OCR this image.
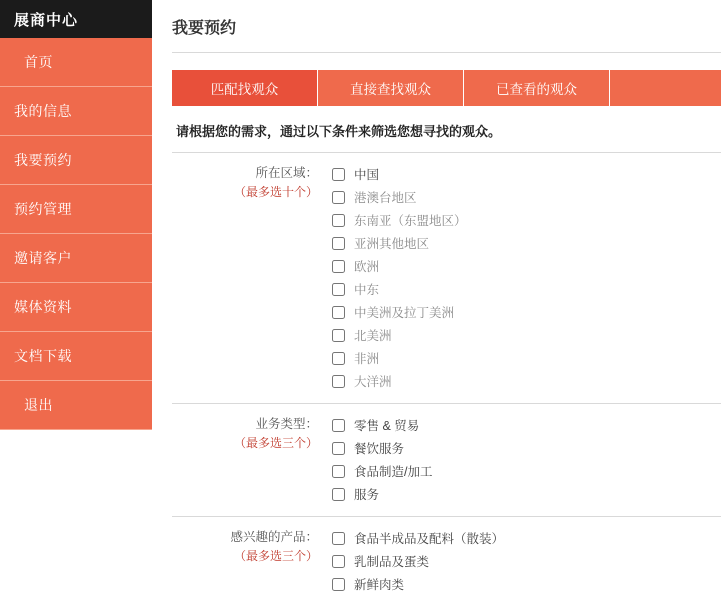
展商中心
首页
我的信息
我要预约
预约管理
邀请客户
媒体资料
文档下载
退出
我要预约
匹配找观众	直接查找观众	已查看的观众
请根据您的需求，通过以下条件来筛选您想寻找的观众。
所在区域：
（最多选十个）
中国
港澳台地区
东南亚（东盟地区）
亚洲其他地区
欧洲
中东
中美洲及拉丁美洲
北美洲
非洲
大洋洲
业务类型：
（最多选三个）
零售 & 贸易
餐饮服务
食品制造/加工
服务
感兴趣的产品：
（最多选三个）
食品半成品及配料（散装）
乳制品及蛋类
新鲜肉类
